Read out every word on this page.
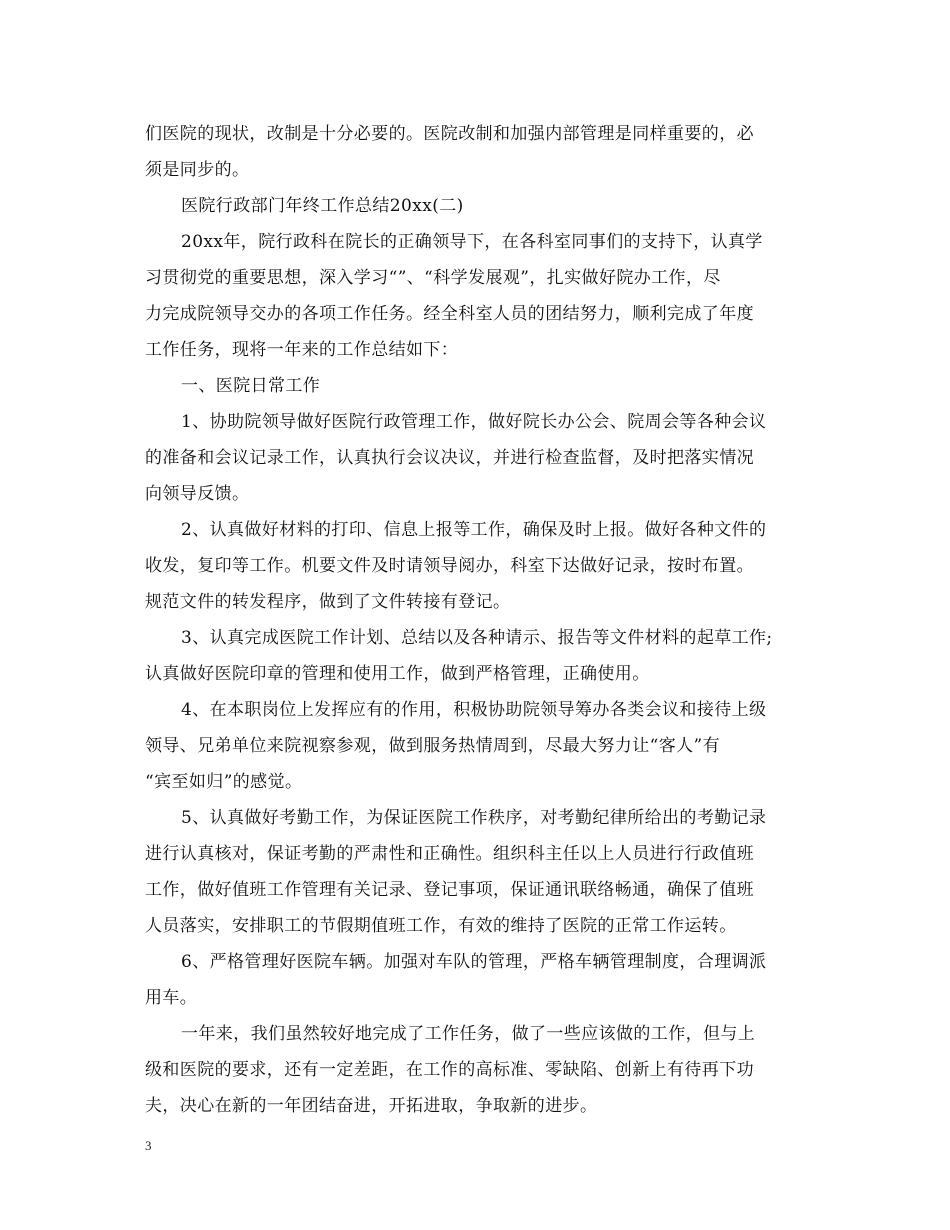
们医院的现状，改制是十分必要的。医院改制和加强内部管理是同样重要的，必
须是同步的。
医院行政部门年终工作总结20xx(二)
20xx年，院行政科在院长的正确领导下，在各科室同事们的支持下，认真学
习贯彻党的重要思想，深入学习“”、“科学发展观”，扎实做好院办工作，尽
力完成院领导交办的各项工作任务。经全科室人员的团结努力，顺利完成了年度
工作任务，现将一年来的工作总结如下：
一、医院日常工作
1、协助院领导做好医院行政管理工作，做好院长办公会、院周会等各种会议
的准备和会议记录工作，认真执行会议决议，并进行检查监督，及时把落实情况
向领导反馈。
2、认真做好材料的打印、信息上报等工作，确保及时上报。做好各种文件的
收发，复印等工作。机要文件及时请领导阅办，科室下达做好记录，按时布置。
规范文件的转发程序，做到了文件转接有登记。
3、认真完成医院工作计划、总结以及各种请示、报告等文件材料的起草工作;
认真做好医院印章的管理和使用工作，做到严格管理，正确使用。
4、在本职岗位上发挥应有的作用，积极协助院领导筹办各类会议和接待上级
领导、兄弟单位来院视察参观，做到服务热情周到，尽最大努力让“客人”有
“宾至如归”的感觉。
5、认真做好考勤工作，为保证医院工作秩序，对考勤纪律所给出的考勤记录
进行认真核对，保证考勤的严肃性和正确性。组织科主任以上人员进行行政值班
工作，做好值班工作管理有关记录、登记事项，保证通讯联络畅通，确保了值班
人员落实，安排职工的节假期值班工作，有效的维持了医院的正常工作运转。
6、严格管理好医院车辆。加强对车队的管理，严格车辆管理制度，合理调派
用车。
一年来，我们虽然较好地完成了工作任务，做了一些应该做的工作，但与上
级和医院的要求，还有一定差距，在工作的高标准、零缺陷、创新上有待再下功
夫，决心在新的一年团结奋进，开拓进取，争取新的进步。
3
